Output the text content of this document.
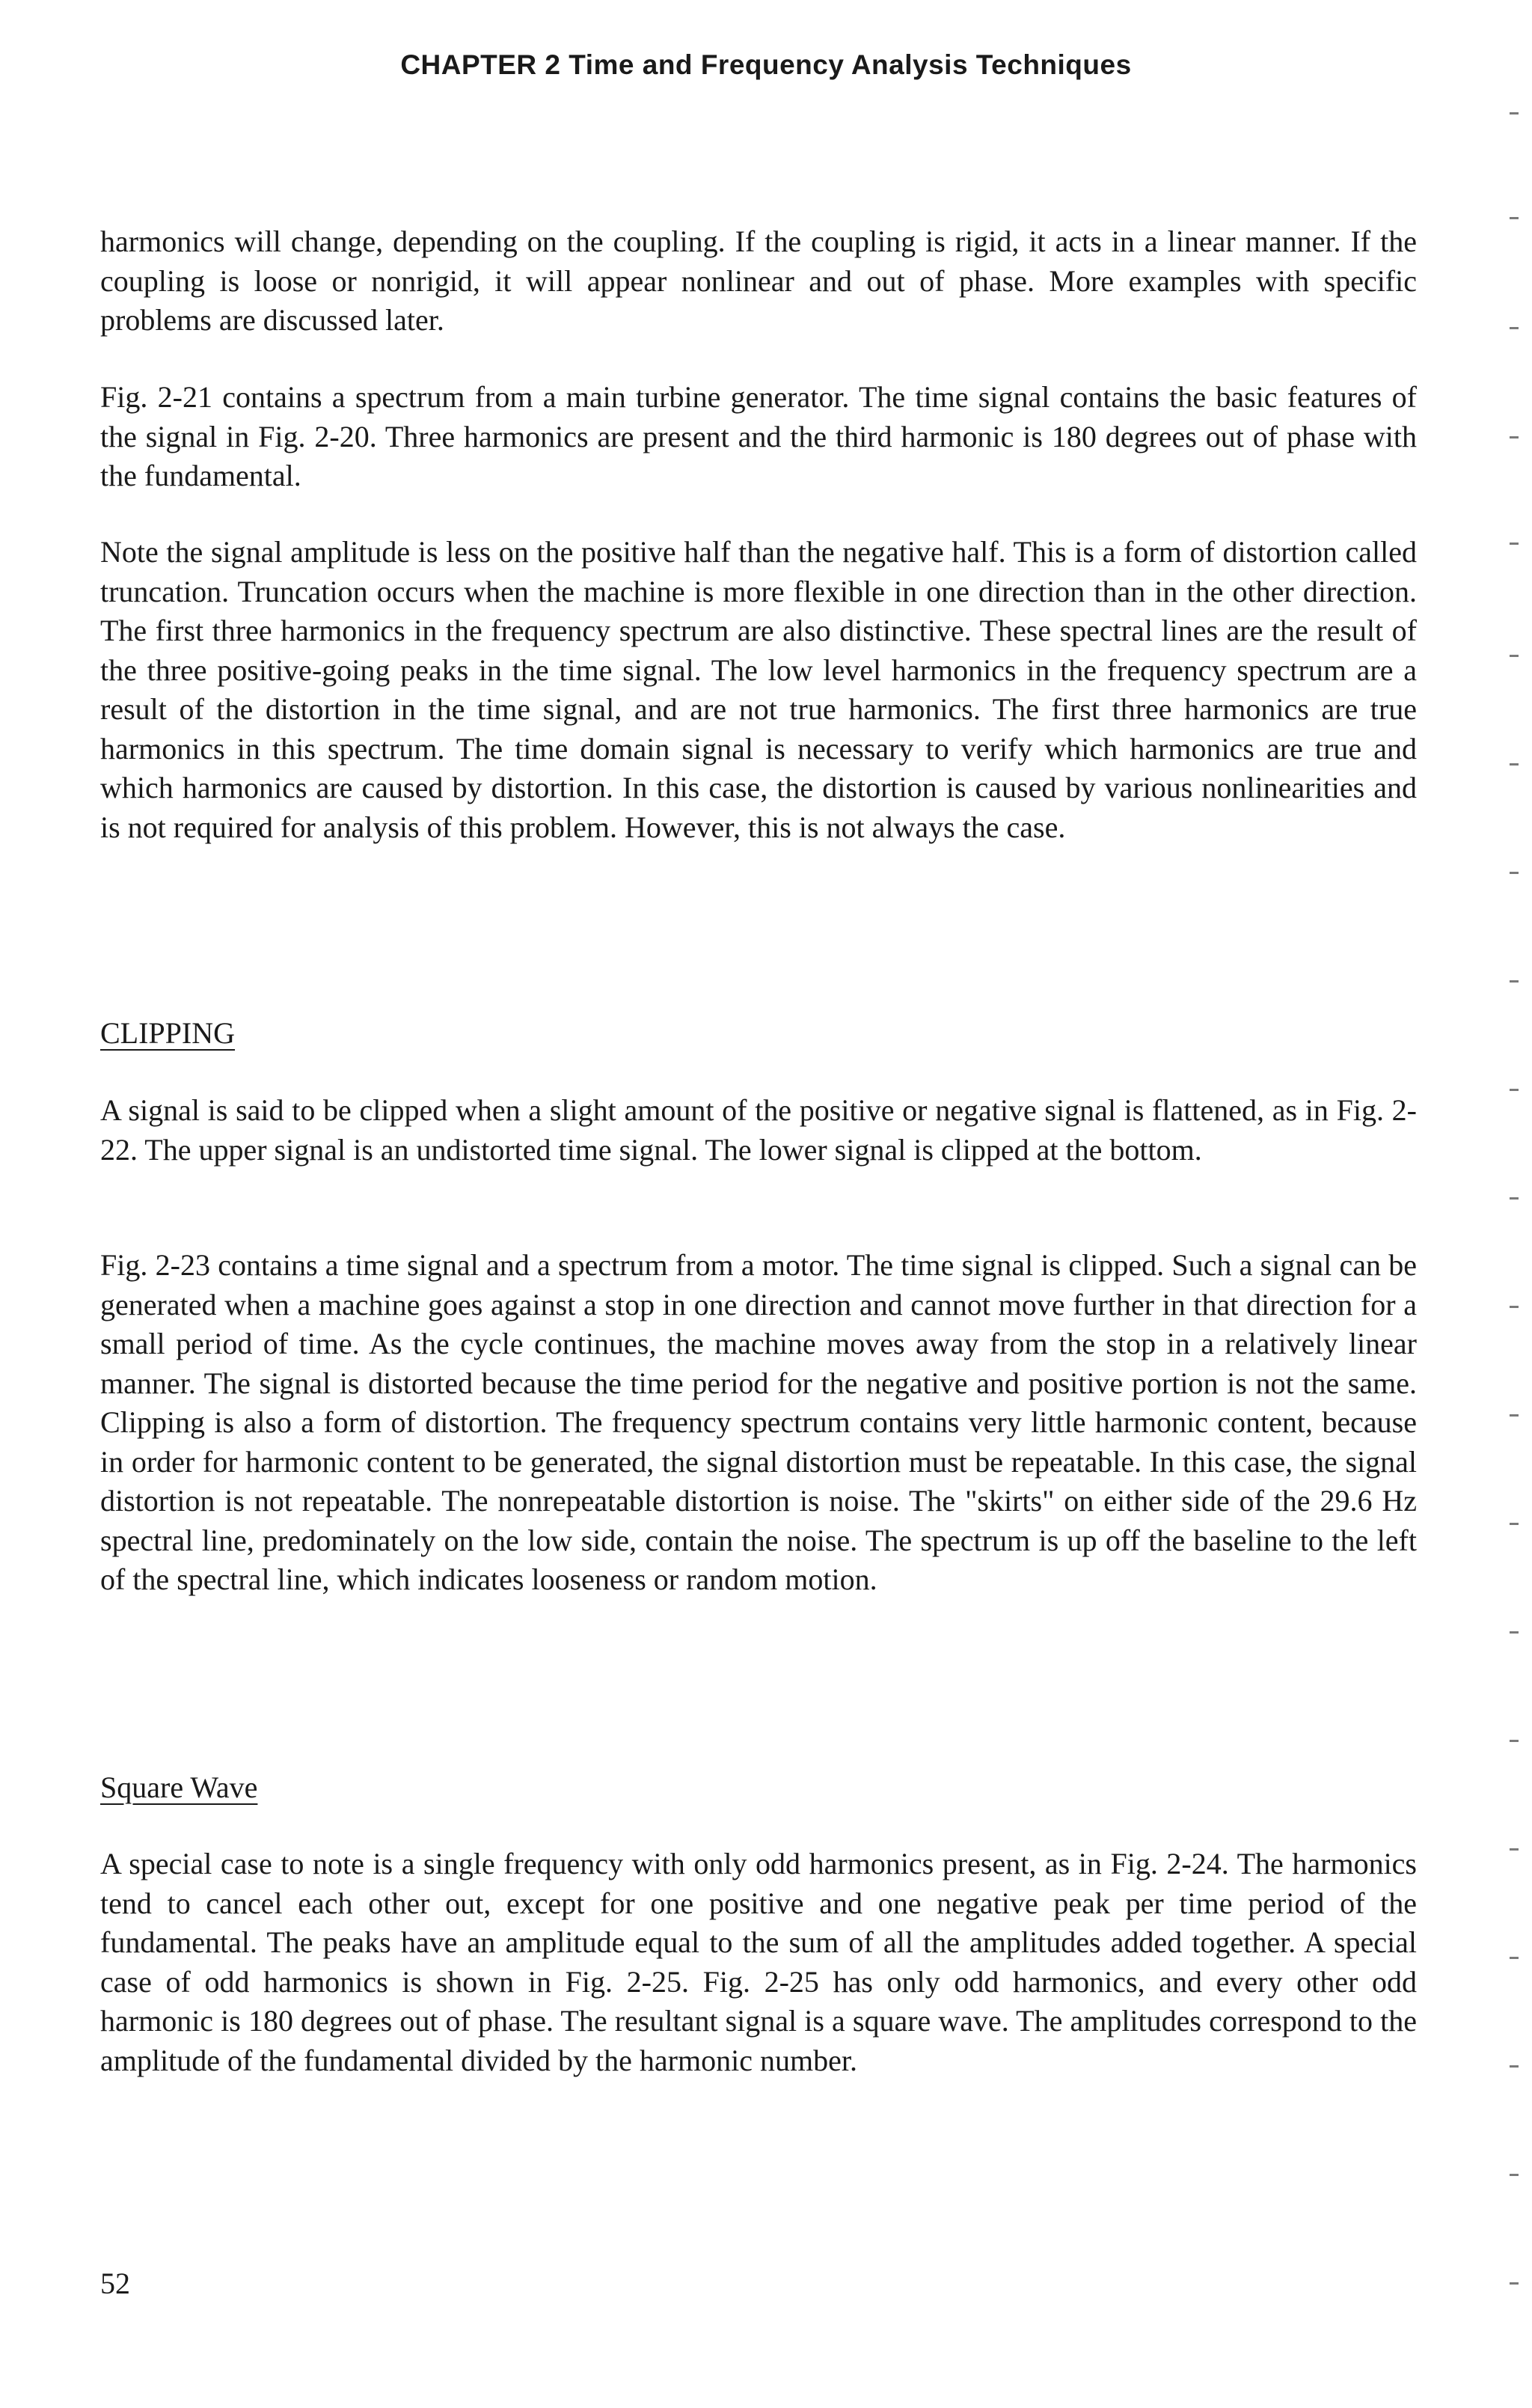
CHAPTER 2 Time and Frequency Analysis Techniques

harmonics will change, depending on the coupling. If the coupling is rigid, it acts in a linear manner. If the coupling is loose or nonrigid, it will appear nonlinear and out of phase. More examples with specific problems are discussed later.

Fig. 2-21 contains a spectrum from a main turbine generator. The time signal contains the basic features of the signal in Fig. 2-20. Three harmonics are present and the third harmonic is 180 degrees out of phase with the fundamental.

Note the signal amplitude is less on the positive half than the negative half. This is a form of distortion called truncation. Truncation occurs when the machine is more flexible in one direction than in the other direction. The first three harmonics in the frequency spectrum are also distinctive. These spectral lines are the result of the three positive-going peaks in the time signal. The low level harmonics in the frequency spectrum are a result of the distortion in the time signal, and are not true harmonics. The first three harmonics are true harmonics in this spectrum. The time domain signal is necessary to verify which harmonics are true and which harmonics are caused by distortion. In this case, the distortion is caused by various nonlinearities and is not required for analysis of this problem. However, this is not always the case.

CLIPPING

A signal is said to be clipped when a slight amount of the positive or negative signal is flattened, as in Fig. 2-22. The upper signal is an undistorted time signal. The lower signal is clipped at the bottom.

Fig. 2-23 contains a time signal and a spectrum from a motor. The time signal is clipped. Such a signal can be generated when a machine goes against a stop in one direction and cannot move further in that direction for a small period of time. As the cycle continues, the machine moves away from the stop in a relatively linear manner. The signal is distorted because the time period for the negative and positive portion is not the same. Clipping is also a form of distortion. The frequency spectrum contains very little harmonic content, because in order for harmonic content to be generated, the signal distortion must be repeatable. In this case, the signal distortion is not repeatable. The nonrepeatable distortion is noise. The "skirts" on either side of the 29.6 Hz spectral line, predominately on the low side, contain the noise. The spectrum is up off the baseline to the left of the spectral line, which indicates looseness or random motion.

Square Wave

A special case to note is a single frequency with only odd harmonics present, as in Fig. 2-24. The harmonics tend to cancel each other out, except for one positive and one negative peak per time period of the fundamental. The peaks have an amplitude equal to the sum of all the amplitudes added together. A special case of odd harmonics is shown in Fig. 2-25. Fig. 2-25 has only odd harmonics, and every other odd harmonic is 180 degrees out of phase. The resultant signal is a square wave. The amplitudes correspond to the amplitude of the fundamental divided by the harmonic number.

52
